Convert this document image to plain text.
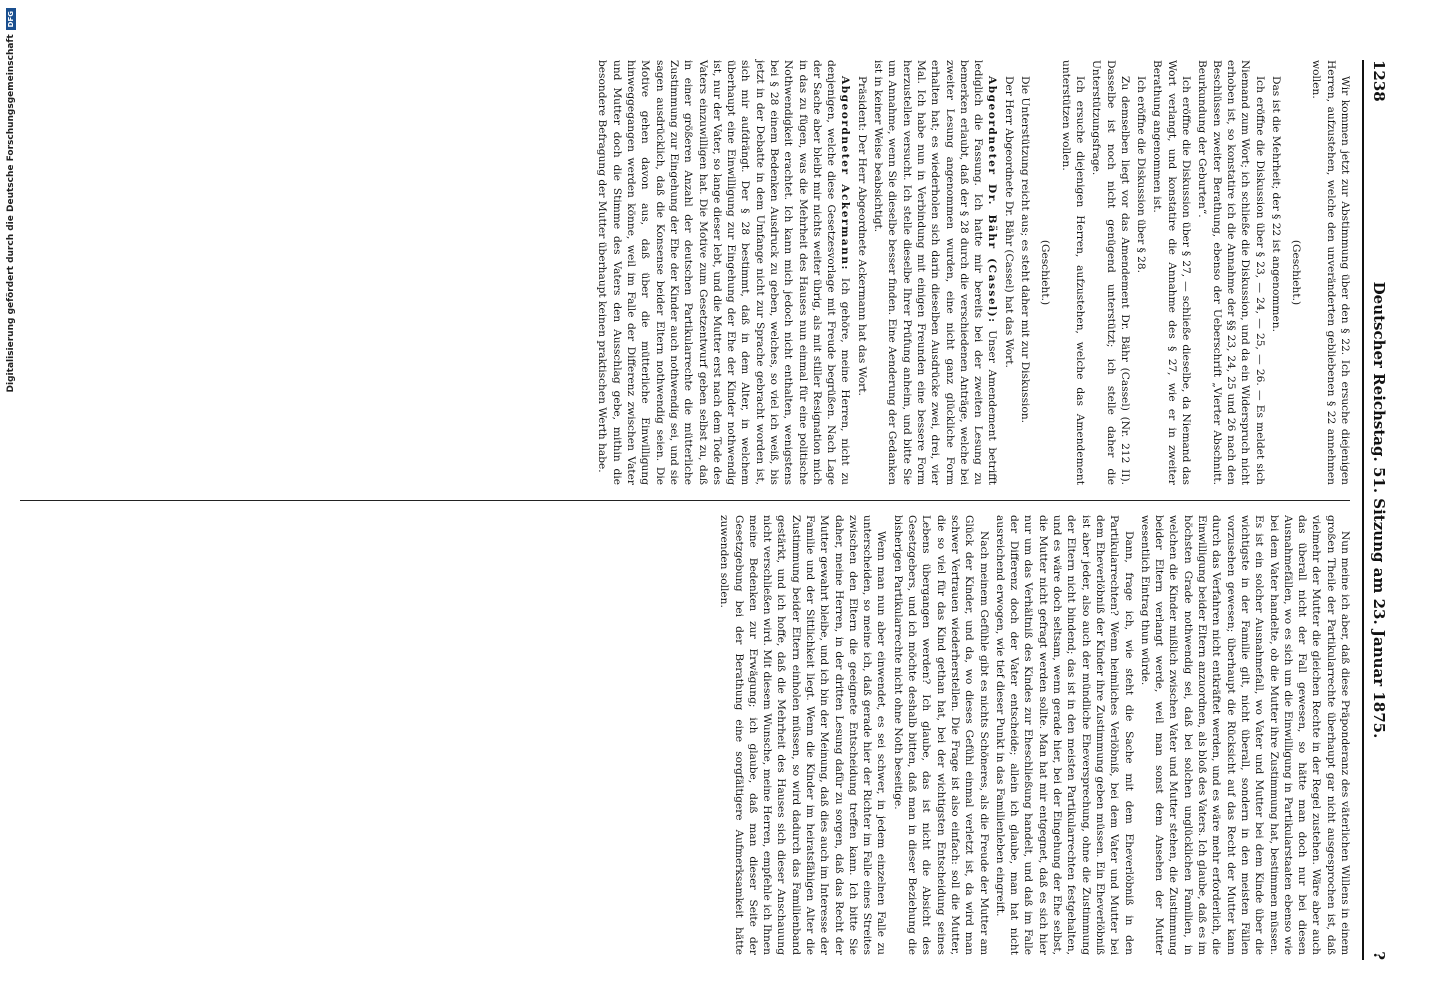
1238
Deutscher Reichstag. 51. Sitzung am 23. Januar 1875.
?

Wir kommen jetzt zur Abstimmung über den § 22. Ich ersuche diejenigen Herren, aufzustehen, welche den unveränderten gebliebenen § 22 annehmen wollen.

(Geschieht.)

Das ist die Mehrheit; der § 22 ist angenommen.

Ich eröffne die Diskussion über § 23, — 24, — 25, — 26. — Es meldet sich Niemand zum Wort; ich schließe die Diskussion, und da ein Widerspruch nicht erhoben ist, so konstatire ich die Annahme der §§ 23, 24, 25 und 26 nach den Beschlüssen zweiter Berathung, ebenso der Ueberschrift „Vierter Abschnitt. Beurkundung der Geburten“.

Ich eröffne die Diskussion über § 27, — schließe dieselbe, da Niemand das Wort verlangt, und konstatire die Annahme des § 27, wie er in zweiter Berathung angenommen ist.

Ich eröffne die Diskussion über § 28.

Zu demselben liegt vor das Amendement Dr. Bähr (Cassel) (Nr. 212 II). Dasselbe ist noch nicht genügend unterstützt; ich stelle daher die Unterstützungsfrage.

Ich ersuche diejenigen Herren, aufzustehen, welche das Amendement unterstützen wollen.

(Geschieht.)

Die Unterstützung reicht aus; es steht daher mit zur Diskussion.

Der Herr Abgeordnete Dr. Bähr (Cassel) hat das Wort.

Abgeordneter Dr. Bähr (Cassel): Unser Amendement betrifft lediglich die Fassung. Ich hatte mir bereits bei der zweiten Lesung zu bemerken erlaubt, daß der § 28 durch die verschiedenen Anträge, welche bei zweiter Lesung angenommen wurden, eine nicht ganz glückliche Form erhalten hat; es wiederholen sich darin dieselben Ausdrücke zwei, drei, vier Mal. Ich habe nun in Verbindung mit einigen Freunden eine bessere Form herzustellen versucht. Ich stelle dieselbe Ihrer Prüfung anheim, und bitte Sie um Annahme, wenn Sie dieselbe besser finden. Eine Aenderung der Gedanken ist in keiner Weise beabsichtigt.

Präsident: Der Herr Abgeordnete Ackermann hat das Wort.

Abgeordneter Ackermann: Ich gehöre, meine Herren, nicht zu denjenigen, welche diese Gesetzesvorlage mit Freude begrüßen. Nach Lage der Sache aber bleibt mir nichts weiter übrig, als mit stiller Resignation mich in das zu fügen, was die Mehrheit des Hauses nun einmal für eine politische Nothwendigkeit erachtet. Ich kann mich jedoch nicht enthalten, wenigstens bei § 28 einem Bedenken Ausdruck zu geben, welches, so viel ich weiß, bis jetzt in der Debatte in dem Umfange nicht zur Sprache gebracht worden ist, sich mir aufdrängt. Der § 28 bestimmt, daß in dem Alter, in welchem überhaupt eine Einwilligung zur Eingehung der Ehe der Kinder nothwendig ist, nur der Vater, so lange dieser lebt, und die Mutter erst nach dem Tode des Vaters einzuwilligen hat. Die Motive zum Gesetzentwurf geben selbst zu, daß in einer größeren Anzahl der deutschen Partikularrechte die mütterliche Zustimmung zur Eingehung der Ehe der Kinder auch nothwendig sei, und sie sagen ausdrücklich, daß die Konsense beider Eltern nothwendig seien. Die Motive gehen davon aus, daß über die mütterliche Einwilligung hinweggegangen werden könne, weil im Falle der Differenz zwischen Vater und Mutter doch die Stimme des Vaters den Ausschlag gebe, mithin die besondere Befragung der Mutter überhaupt keinen praktischen Werth habe.

Nun meine ich aber, daß diese Präponderanz des väterlichen Willens in einem großen Theile der Partikularrechte überhaupt gar nicht ausgesprochen ist, daß vielmehr der Mutter die gleichen Rechte in der Regel zustehen. Wäre aber auch das überall nicht der Fall gewesen, so hätte man doch nur bei diesen Ausnahmefällen, wo es sich um die Einwilligung in Partikularstaaten ebenso wie bei dem Vater handelte, ob die Mutter ihre Zustimmung hat, bestimmen müssen. Es ist ein solcher Ausnahmefall, wo Vater und Mutter bei dem Kinde über die wichtigste in der Familie gilt, nicht überall, sondern in den meisten Fällen vorzusehen gewesen; überhaupt die Rücksicht auf das Recht der Mutter kann durch das Verfahren nicht entkräftet werden, und es wäre mehr erforderlich, die Einwilligung beider Eltern anzuordnen, als bloß des Vaters. Ich glaube, daß es im höchsten Grade nothwendig sei, daß bei solchen unglücklichen Familien, in welchen die Kinder mißlich zwischen Vater und Mutter stehen, die Zustimmung beider Eltern verlangt werde, weil man sonst dem Ansehen der Mutter wesentlich Eintrag thun würde.

Dann, frage ich, wie steht die Sache mit dem Eheverlöbniß in den Partikularrechten? Wenn heimliches Verlöbniß, bei dem Vater und Mutter bei dem Eheverlöbniß der Kinder ihre Zustimmung geben müssen. Ein Eheverlöbniß ist aber jeder, also auch der mündliche Eheversprechung, ohne die Zustimmung der Eltern nicht bindend; das ist in den meisten Partikularrechten festgehalten, und es wäre doch seltsam, wenn gerade hier, bei der Eingehung der Ehe selbst, die Mutter nicht gefragt werden sollte. Man hat mir entgegnet, daß es sich hier nur um das Verhältniß des Kindes zur Eheschließung handelt, und daß im Falle der Differenz doch der Vater entscheide; allein ich glaube, man hat nicht ausreichend erwogen, wie tief dieser Punkt in das Familienleben eingreift.

Nach meinem Gefühle gibt es nichts Schöneres, als die Freude der Mutter am Glück der Kinder, und da, wo dieses Gefühl einmal verletzt ist, da wird man schwer Vertrauen wiederherstellen. Die Frage ist also einfach: soll die Mutter, die so viel für das Kind gethan hat, bei der wichtigsten Entscheidung seines Lebens übergangen werden? Ich glaube, das ist nicht die Absicht des Gesetzgebers, und ich möchte deshalb bitten, daß man in dieser Beziehung die bisherigen Partikularrechte nicht ohne Noth beseitige.

Wenn man nun aber einwendet, es sei schwer, in jedem einzelnen Falle zu unterscheiden, so meine ich, daß gerade hier der Richter im Falle eines Streites zwischen den Eltern die geeignete Entscheidung treffen kann. Ich bitte Sie daher, meine Herren, in der dritten Lesung dafür zu sorgen, daß das Recht der Mutter gewahrt bleibe, und ich bin der Meinung, daß dies auch im Interesse der Familie und der Sittlichkeit liegt. Wenn die Kinder im heiratsfähigen Alter die Zustimmung beider Eltern einholen müssen, so wird dadurch das Familienband gestärkt, und ich hoffe, daß die Mehrheit des Hauses sich dieser Anschauung nicht verschließen wird. Mit diesem Wunsche, meine Herren, empfehle ich Ihnen meine Bedenken zur Erwägung; ich glaube, daß man dieser Seite der Gesetzgebung bei der Berathung eine sorgfältigere Aufmerksamkeit hätte zuwenden sollen.

Digitalisierung gefördert durch die Deutsche Forschungsgemeinschaft
DFG
